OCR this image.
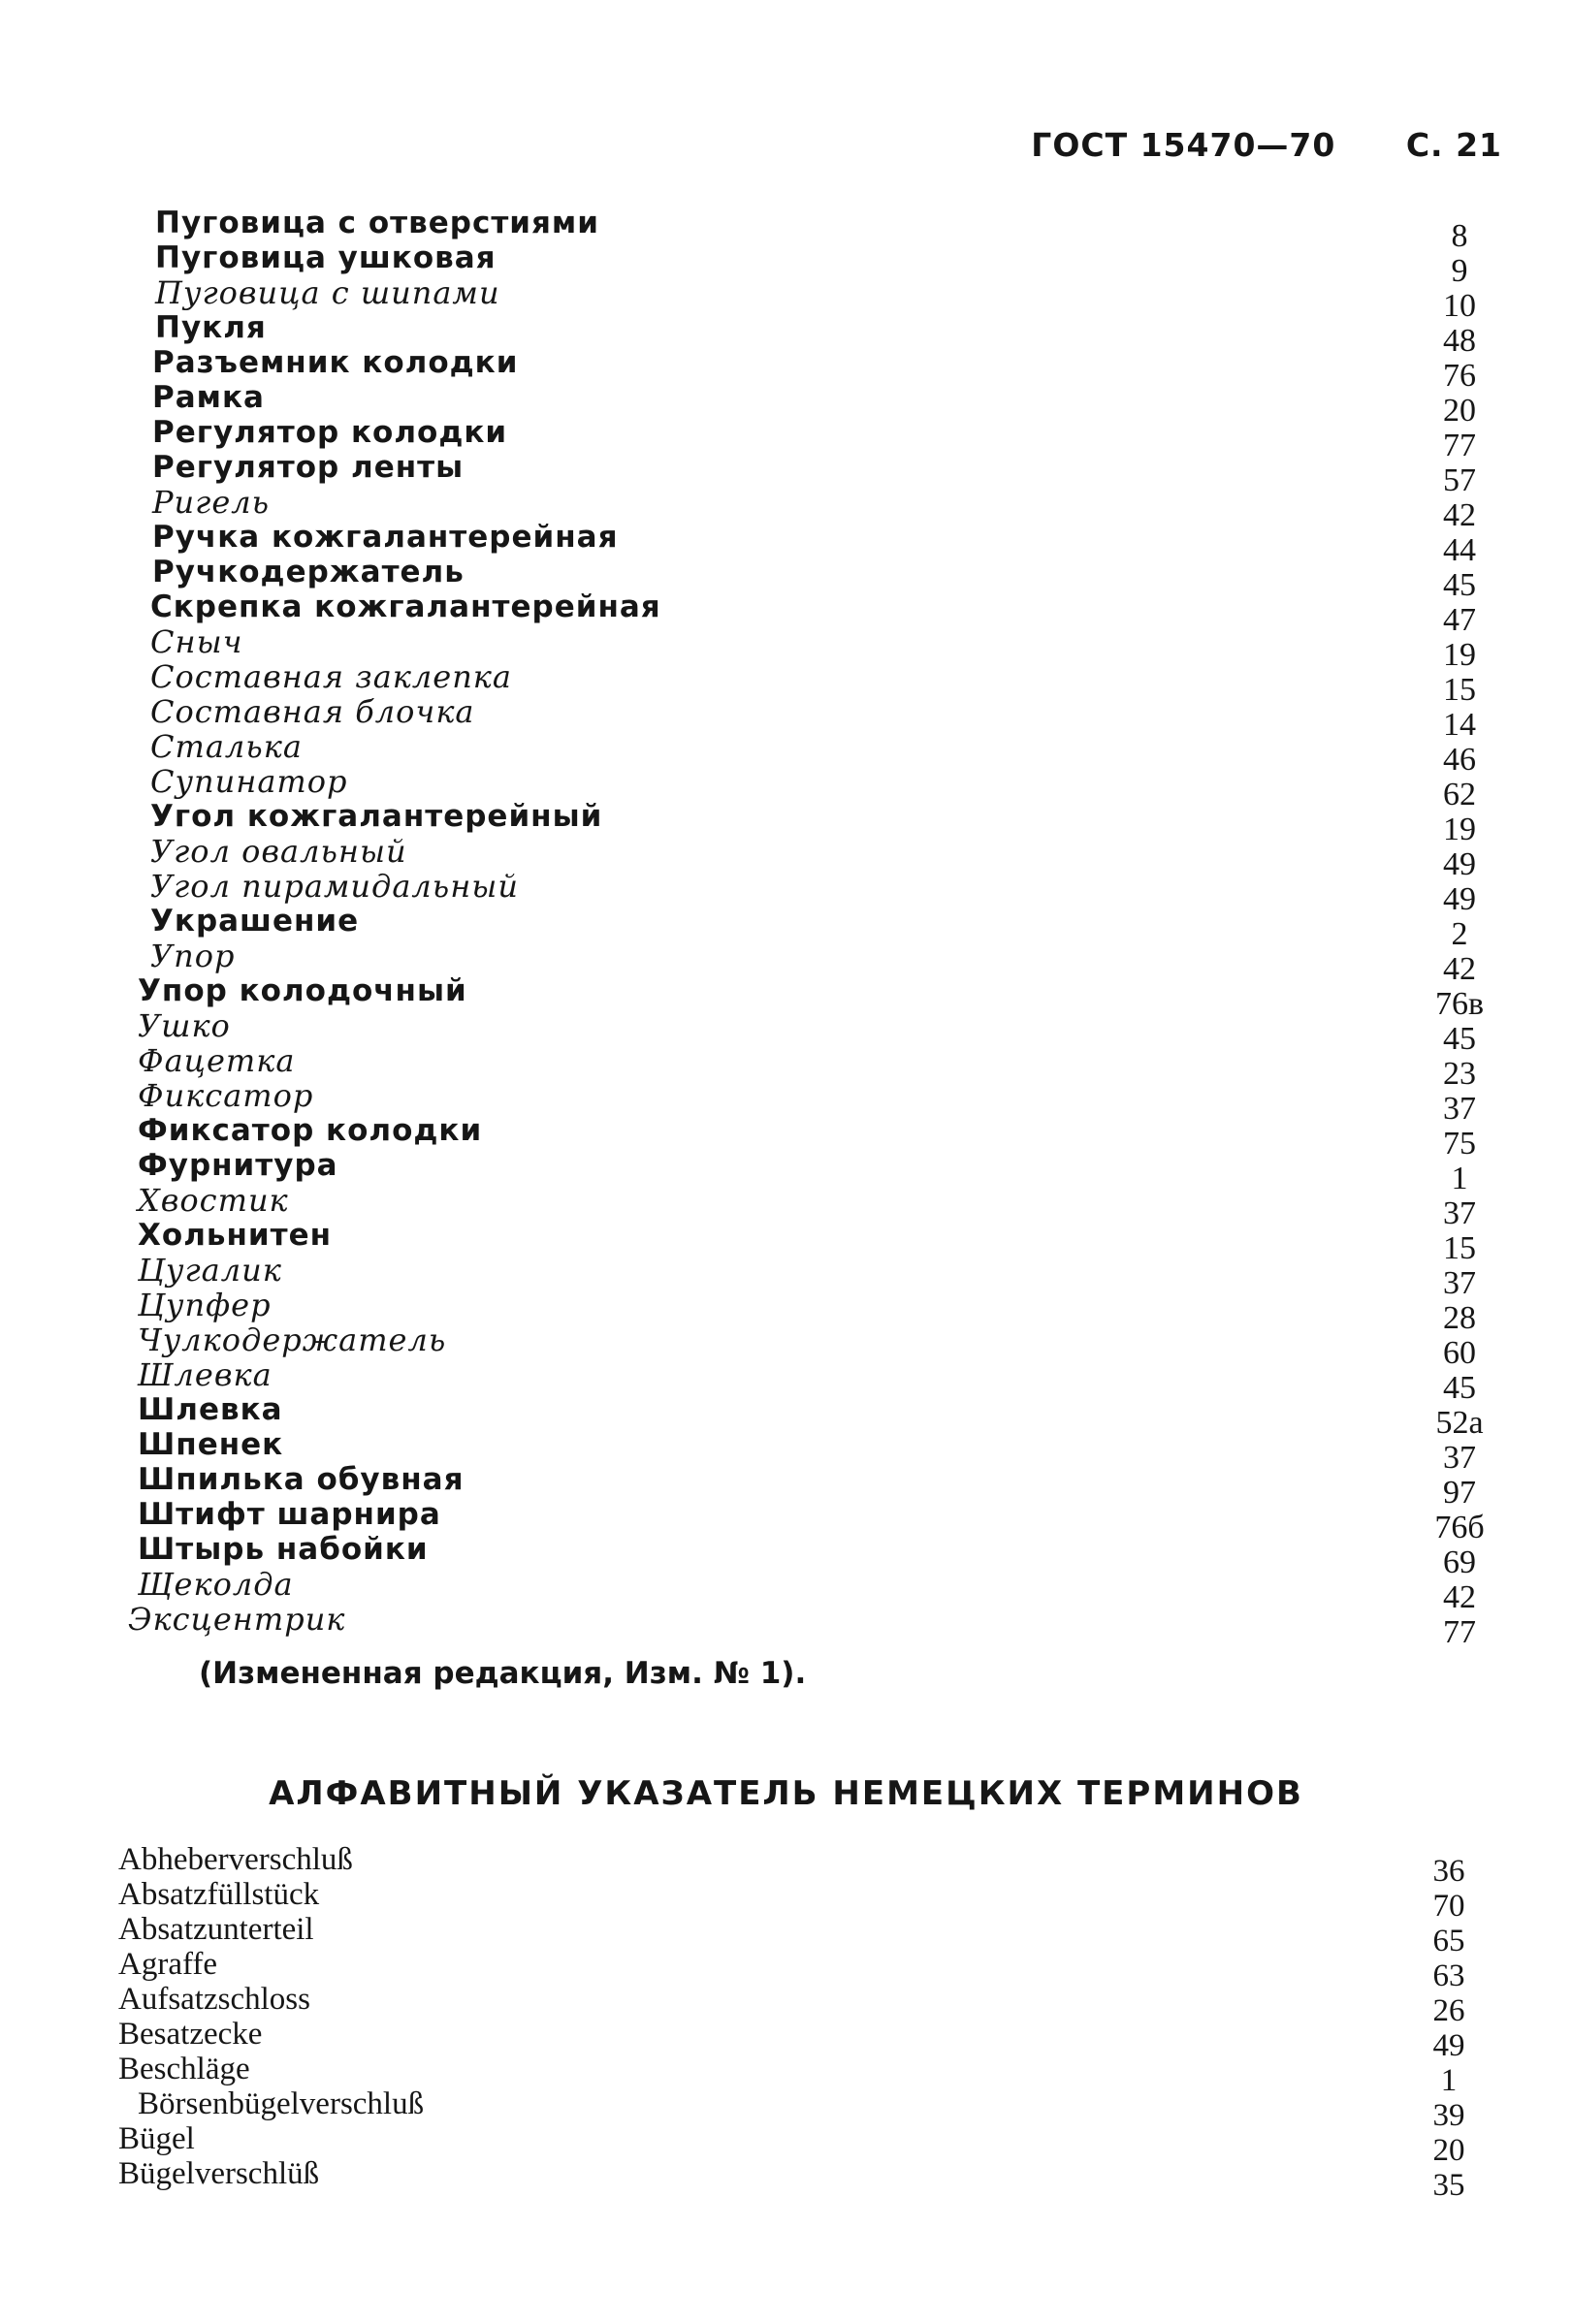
ГОСТ 15470—70 С. 21
Пуговица с отверстиями	8
Пуговица ушковая	9
Пуговица с шипами	10
Пукля	48
Разъемник колодки	76
Рамка	20
Регулятор колодки	77
Регулятор ленты	57
Ригель	42
Ручка кожгалантерейная	44
Ручкодержатель	45
Скрепка кожгалантерейная	47
Сныч	19
Составная заклепка	15
Составная блочка	14
Сталька	46
Супинатор	62
Угол кожгалантерейный	19
Угол овальный	49
Угол пирамидальный	49
Украшение	2
Упор	42
Упор колодочный	76в
Ушко	45
Фацетка	23
Фиксатор	37
Фиксатор колодки	75
Фурнитура	1
Хвостик	37
Хольнитен	15
Цугалик	37
Цупфер	28
Чулкодержатель	60
Шлевка	45
Шлевка	52а
Шпенек	37
Шпилька обувная	97
Штифт шарнира	76б
Штырь набойки	69
Щеколда	42
Эксцентрик	77
(Измененная редакция, Изм. № 1).
АЛФАВИТНЫЙ УКАЗАТЕЛЬ НЕМЕЦКИХ ТЕРМИНОВ
Abheberverschluß	36
Absatzfüllstück	70
Absatzunterteil	65
Agraffe	63
Aufsatzschloss	26
Besatzecke	49
Beschläge	1
Börsenbügelverschluß	39
Bügel	20
Bügelverschlüß	35
